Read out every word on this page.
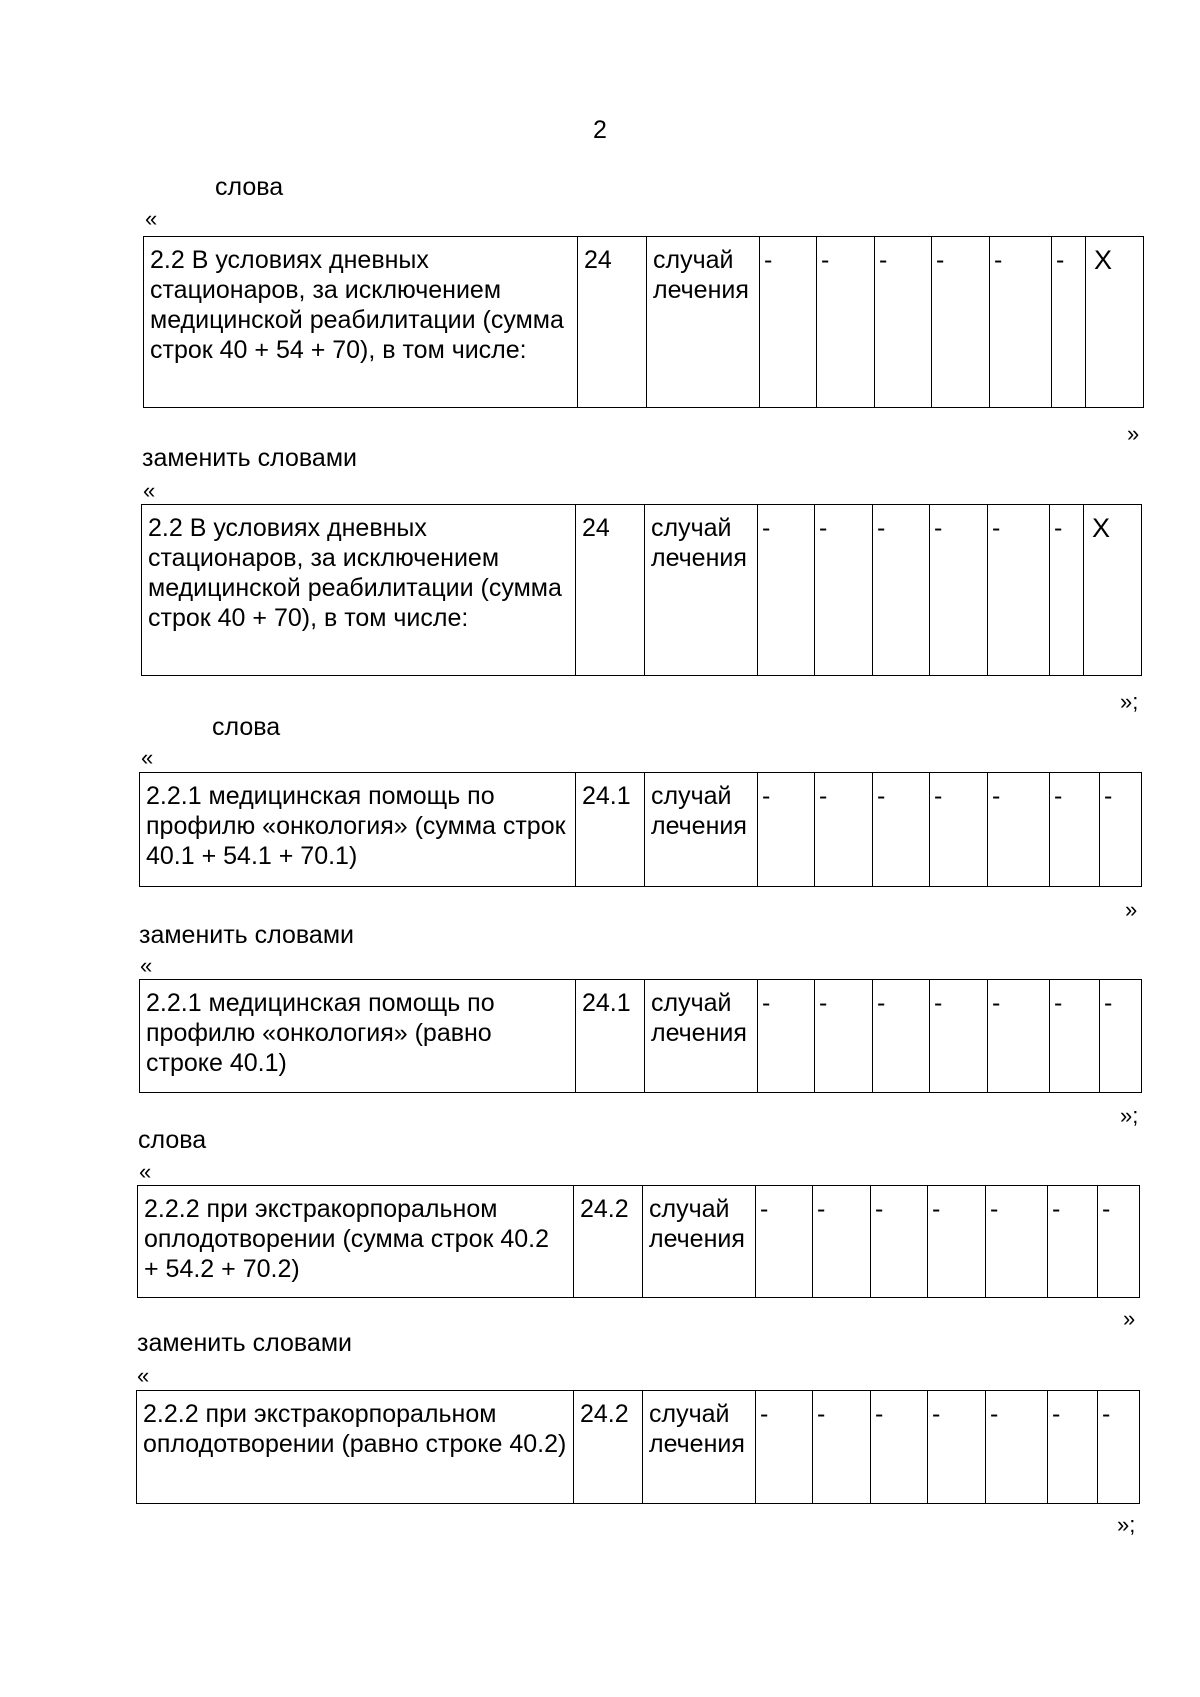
2
слова
«
2.2 В условиях дневных стационаров, за исключением медицинской реабилитации (сумма строк 40 + 54 + 70), в том числе:	24	случай лечения	-	-	-	-	-	-	X
»
заменить словами
«
2.2 В условиях дневных стационаров, за исключением медицинской реабилитации (сумма строк 40 + 70), в том числе:	24	случай лечения	-	-	-	-	-	-	X
»;
слова
«
2.2.1 медицинская помощь по профилю «онкология» (сумма строк 40.1 + 54.1 + 70.1)	24.1	случай лечения	-	-	-	-	-	-	-
»
заменить словами
«
2.2.1 медицинская помощь по профилю «онкология» (равно строке 40.1)	24.1	случай лечения	-	-	-	-	-	-	-
»;
слова
«
2.2.2 при экстракорпоральном оплодотворении (сумма строк 40.2 + 54.2 + 70.2)	24.2	случай лечения	-	-	-	-	-	-	-
»
заменить словами
«
2.2.2 при экстракорпоральном оплодотворении (равно строке 40.2)	24.2	случай лечения	-	-	-	-	-	-	-
»;
